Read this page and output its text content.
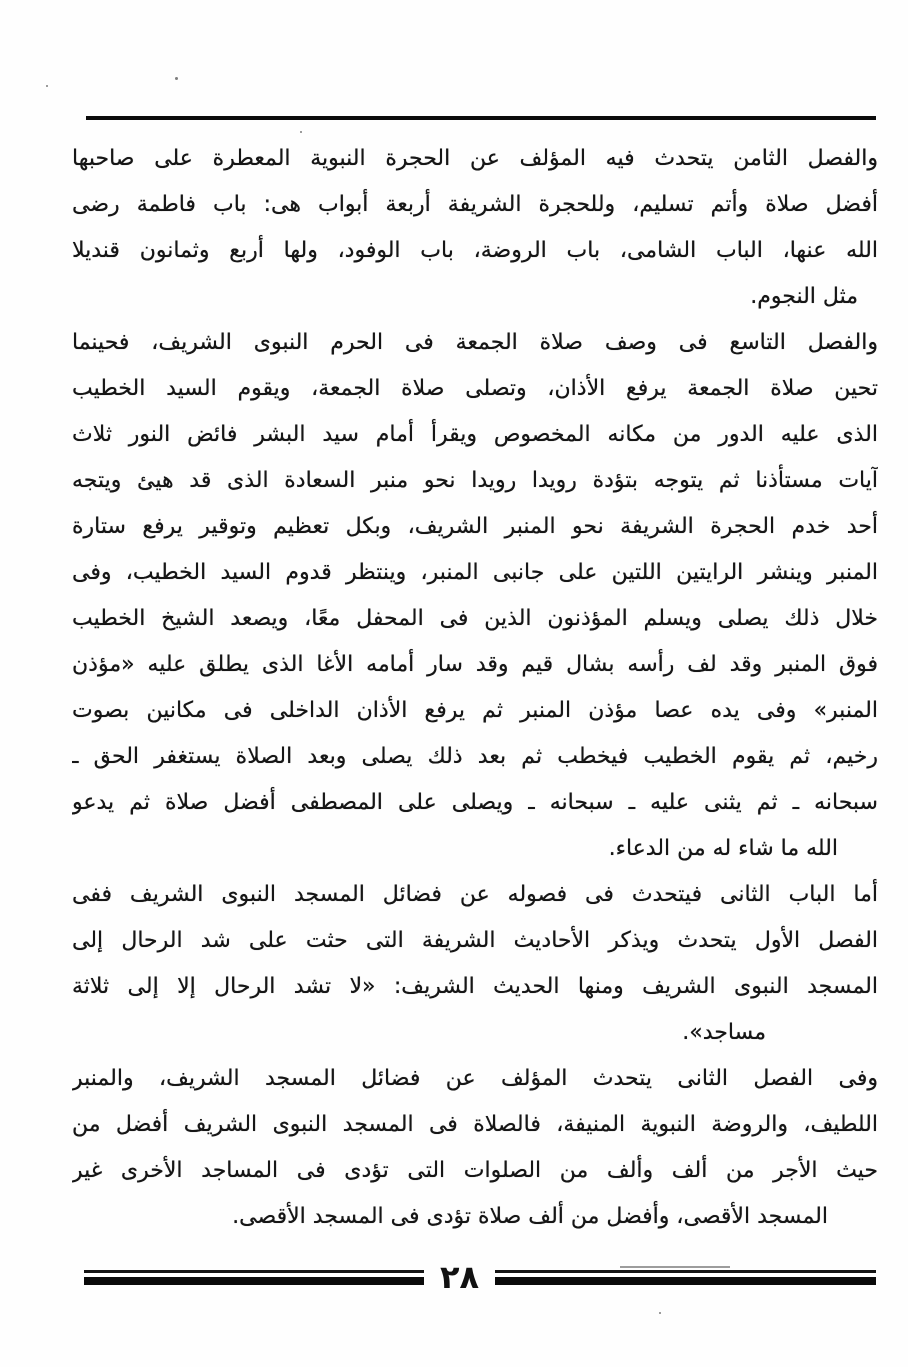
والفصل الثامن يتحدث فيه المؤلف عن الحجرة النبوية المعطرة على صاحبها
أفضل صلاة وأتم تسليم، وللحجرة الشريفة أربعة أبواب هى: باب فاطمة رضى
الله عنها، الباب الشامى، باب الروضة، باب الوفود، ولها أربع وثمانون قنديلا
مثل النجوم.
والفصل التاسع فى وصف صلاة الجمعة فى الحرم النبوى الشريف، فحينما
تحين صلاة الجمعة يرفع الأذان، وتصلى صلاة الجمعة، ويقوم السيد الخطيب
الذى عليه الدور من مكانه المخصوص ويقرأ أمام سيد البشر فائض النور ثلاث
آيات مستأذنا ثم يتوجه بتؤدة رويدا رويدا نحو منبر السعادة الذى قد هيئ ويتجه
أحد خدم الحجرة الشريفة نحو المنبر الشريف، وبكل تعظيم وتوقير يرفع ستارة
المنبر وينشر الرايتين اللتين على جانبى المنبر، وينتظر قدوم السيد الخطيب، وفى
خلال ذلك يصلى ويسلم المؤذنون الذين فى المحفل معًا، ويصعد الشيخ الخطيب
فوق المنبر وقد لف رأسه بشال قيم وقد سار أمامه الأغا الذى يطلق عليه «مؤذن
المنبر» وفى يده عصا مؤذن المنبر ثم يرفع الأذان الداخلى فى مكانين بصوت
رخيم، ثم يقوم الخطيب فيخطب ثم بعد ذلك يصلى وبعد الصلاة يستغفر الحق ـ
سبحانه ـ ثم يثنى عليه ـ سبحانه ـ ويصلى على المصطفى أفضل صلاة ثم يدعو
الله ما شاء له من الدعاء.
أما الباب الثانى فيتحدث فى فصوله عن فضائل المسجد النبوى الشريف ففى
الفصل الأول يتحدث ويذكر الأحاديث الشريفة التى حثت على شد الرحال إلى
المسجد النبوى الشريف ومنها الحديث الشريف: «لا تشد الرحال إلا إلى ثلاثة
مساجد».
وفى الفصل الثانى يتحدث المؤلف عن فضائل المسجد الشريف، والمنبر
اللطيف، والروضة النبوية المنيفة، فالصلاة فى المسجد النبوى الشريف أفضل من
حيث الأجر من ألف وألف من الصلوات التى تؤدى فى المساجد الأخرى غير
المسجد الأقصى، وأفضل من ألف صلاة تؤدى فى المسجد الأقصى.
٢٨
